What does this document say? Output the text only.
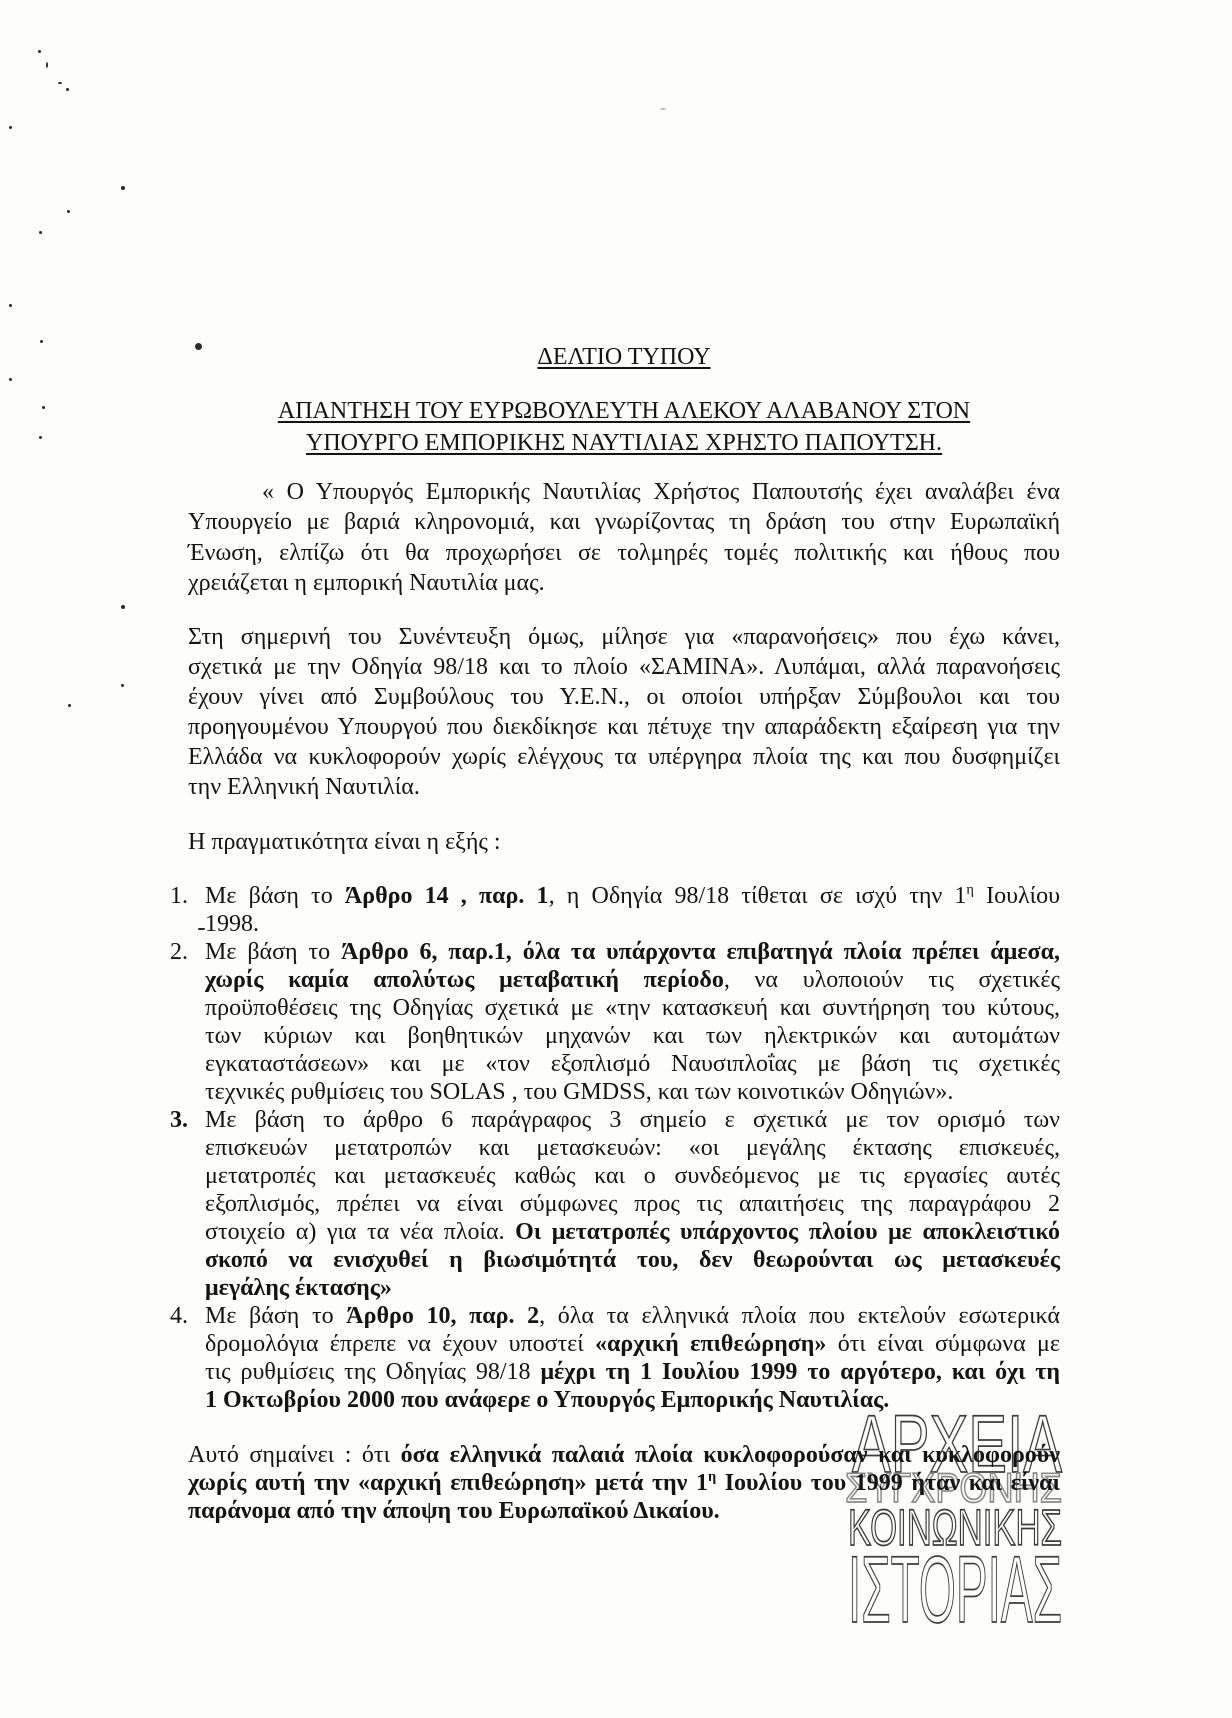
ΑΡΧΕΙΑ
ΣΥΓΧΡΟΝΗΣ
ΚΟΙΝΩΝΙΚΗΣ
ΙΣΤΟΡΙΑΣ
ΔΕΛΤΙΟ ΤΥΠΟΥ
ΑΠΑΝΤΗΣΗ ΤΟΥ ΕΥΡΩΒΟΥΛΕΥΤΗ ΑΛΕΚΟΥ ΑΛΑΒΑΝΟΥ ΣΤΟΝ
ΥΠΟΥΡΓΟ ΕΜΠΟΡΙΚΗΣ ΝΑΥΤΙΛΙΑΣ ΧΡΗΣΤΟ ΠΑΠΟΥΤΣΗ.
« Ο Υπουργός Εμπορικής Ναυτιλίας Χρήστος Παπουτσής έχει αναλάβει ένα
Υπουργείο με βαριά κληρονομιά, και γνωρίζοντας τη δράση του στην Ευρωπαϊκή
Ένωση, ελπίζω ότι θα προχωρήσει σε τολμηρές τομές πολιτικής και ήθους που
χρειάζεται η εμπορική Ναυτιλία μας.
Στη σημερινή του Συνέντευξη όμως, μίλησε για «παρανοήσεις» που έχω κάνει,
σχετικά με την Οδηγία 98/18 και το πλοίο «ΣΑΜΙΝΑ». Λυπάμαι, αλλά παρανοήσεις
έχουν γίνει από Συμβούλους του Υ.Ε.Ν., οι οποίοι υπήρξαν Σύμβουλοι και του
προηγουμένου Υπουργού που διεκδίκησε και πέτυχε την απαράδεκτη εξαίρεση για την
Ελλάδα να κυκλοφορούν χωρίς ελέγχους τα υπέργηρα πλοία της και που δυσφημίζει
την Ελληνική Ναυτιλία.
Η πραγματικότητα είναι η εξής :
1. Με βάση το Άρθρο 14 , παρ. 1, η Οδηγία 98/18 τίθεται σε ισχύ την $1^\eta$ Ιουλίου
1998.
2. Με βάση το Άρθρο 6, παρ.1, όλα τα υπάρχοντα επιβατηγά πλοία πρέπει άμεσα,
χωρίς καμία απολύτως μεταβατική περίοδο, να υλοποιούν τις σχετικές
προϋποθέσεις της Οδηγίας σχετικά με «την κατασκευή και συντήρηση του κύτους,
των κύριων και βοηθητικών μηχανών και των ηλεκτρικών και αυτομάτων
εγκαταστάσεων» και με «τον εξοπλισμό Ναυσιπλοΐας με βάση τις σχετικές
τεχνικές ρυθμίσεις του SOLAS , του GMDSS, και των κοινοτικών Οδηγιών».
3. Με βάση το άρθρο 6 παράγραφος 3 σημείο ε σχετικά με τον ορισμό των
επισκευών μετατροπών και μετασκευών: «οι μεγάλης έκτασης επισκευές,
μετατροπές και μετασκευές καθώς και ο συνδεόμενος με τις εργασίες αυτές
εξοπλισμός, πρέπει να είναι σύμφωνες προς τις απαιτήσεις της παραγράφου 2
στοιχείο α) για τα νέα πλοία. Οι μετατροπές υπάρχοντος πλοίου με αποκλειστικό
σκοπό να ενισχυθεί η βιωσιμότητά του, δεν θεωρούνται ως μετασκευές
μεγάλης έκτασης»
4. Με βάση το Άρθρο 10, παρ. 2, όλα τα ελληνικά πλοία που εκτελούν εσωτερικά
δρομολόγια έπρεπε να έχουν υποστεί «αρχική επιθεώρηση» ότι είναι σύμφωνα με
τις ρυθμίσεις της Οδηγίας 98/18 μέχρι τη 1 Ιουλίου 1999 το αργότερο, και όχι τη
1 Οκτωβρίου 2000 που ανάφερε ο Υπουργός Εμπορικής Ναυτιλίας.
Αυτό σημαίνει : ότι όσα ελληνικά παλαιά πλοία κυκλοφορούσαν και κυκλοφορούν
χωρίς αυτή την «αρχική επιθεώρηση» μετά την $1^\eta$ Ιουλίου του 1999 ήταν και είναι
παράνομα από την άποψη του Ευρωπαϊκού Δικαίου.
